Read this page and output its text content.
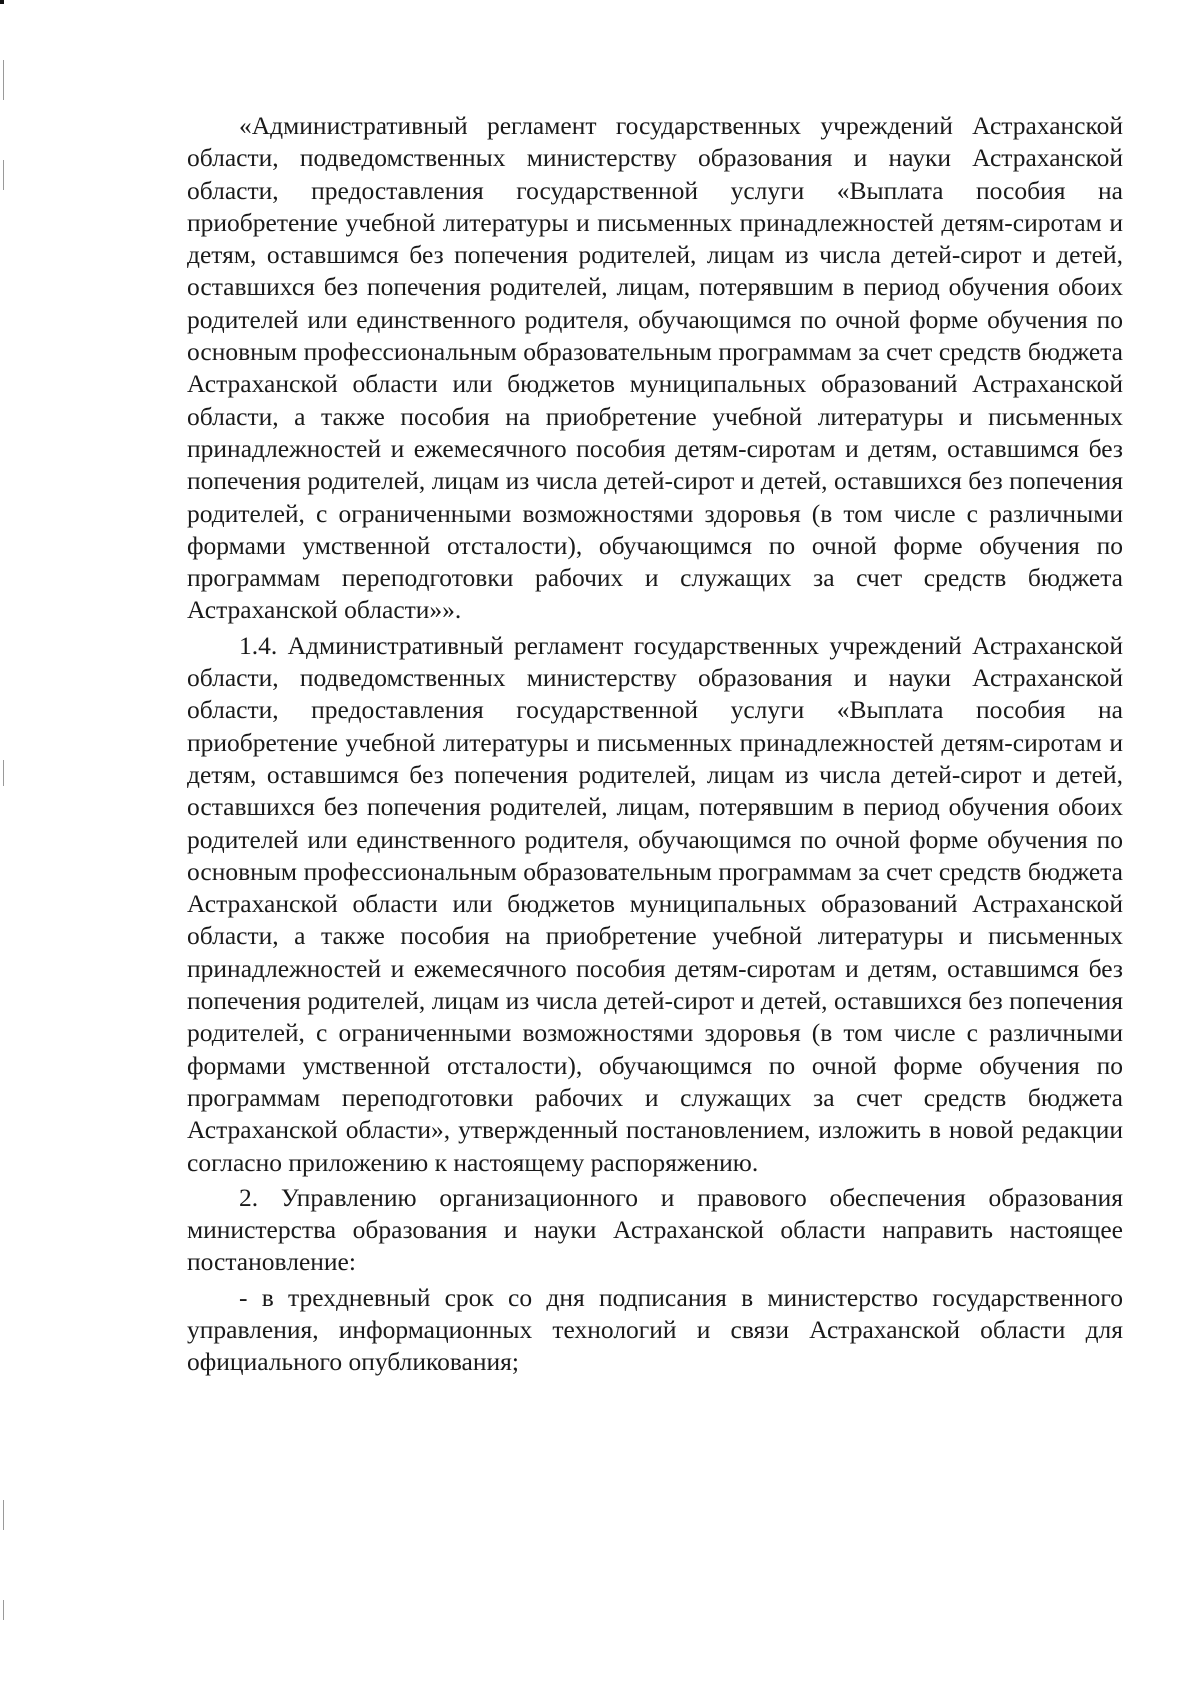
«Административный регламент государственных учреждений Астраханской области, подведомственных министерству образования и науки Астраханской области, предоставления государственной услуги «Выплата пособия на приобретение учебной литературы и письменных принадлежностей детям-сиротам и детям, оставшимся без попечения родителей, лицам из числа детей-сирот и детей, оставшихся без попечения родителей, лицам, потерявшим в период обучения обоих родителей или единственного родителя, обучающимся по очной форме обучения по основным профессиональным образовательным программам за счет средств бюджета Астраханской области или бюджетов муниципальных образований Астраханской области, а также пособия на приобретение учебной литературы и письменных принадлежностей и ежемесячного пособия детям-сиротам и детям, оставшимся без попечения родителей, лицам из числа детей-сирот и детей, оставшихся без попечения родителей, с ограниченными возможностями здоровья (в том числе с различными формами умственной отсталости), обучающимся по очной форме обучения по программам переподготовки рабочих и служащих за счет средств бюджета Астраханской области»».

1.4. Административный регламент государственных учреждений Астраханской области, подведомственных министерству образования и науки Астраханской области, предоставления государственной услуги «Выплата пособия на приобретение учебной литературы и письменных принадлежностей детям-сиротам и детям, оставшимся без попечения родителей, лицам из числа детей-сирот и детей, оставшихся без попечения родителей, лицам, потерявшим в период обучения обоих родителей или единственного родителя, обучающимся по очной форме обучения по основным профессиональным образовательным программам за счет средств бюджета Астраханской области или бюджетов муниципальных образований Астраханской области, а также пособия на приобретение учебной литературы и письменных принадлежностей и ежемесячного пособия детям-сиротам и детям, оставшимся без попечения родителей, лицам из числа детей-сирот и детей, оставшихся без попечения родителей, с ограниченными возможностями здоровья (в том числе с различными формами умственной отсталости), обучающимся по очной форме обучения по программам переподготовки рабочих и служащих за счет средств бюджета Астраханской области», утвержденный постановлением, изложить в новой редакции согласно приложению к настоящему распоряжению.

2. Управлению организационного и правового обеспечения образования министерства образования и науки Астраханской области направить настоящее постановление:

- в трехдневный срок со дня подписания в министерство государственного управления, информационных технологий и связи Астраханской области для официального опубликования;
